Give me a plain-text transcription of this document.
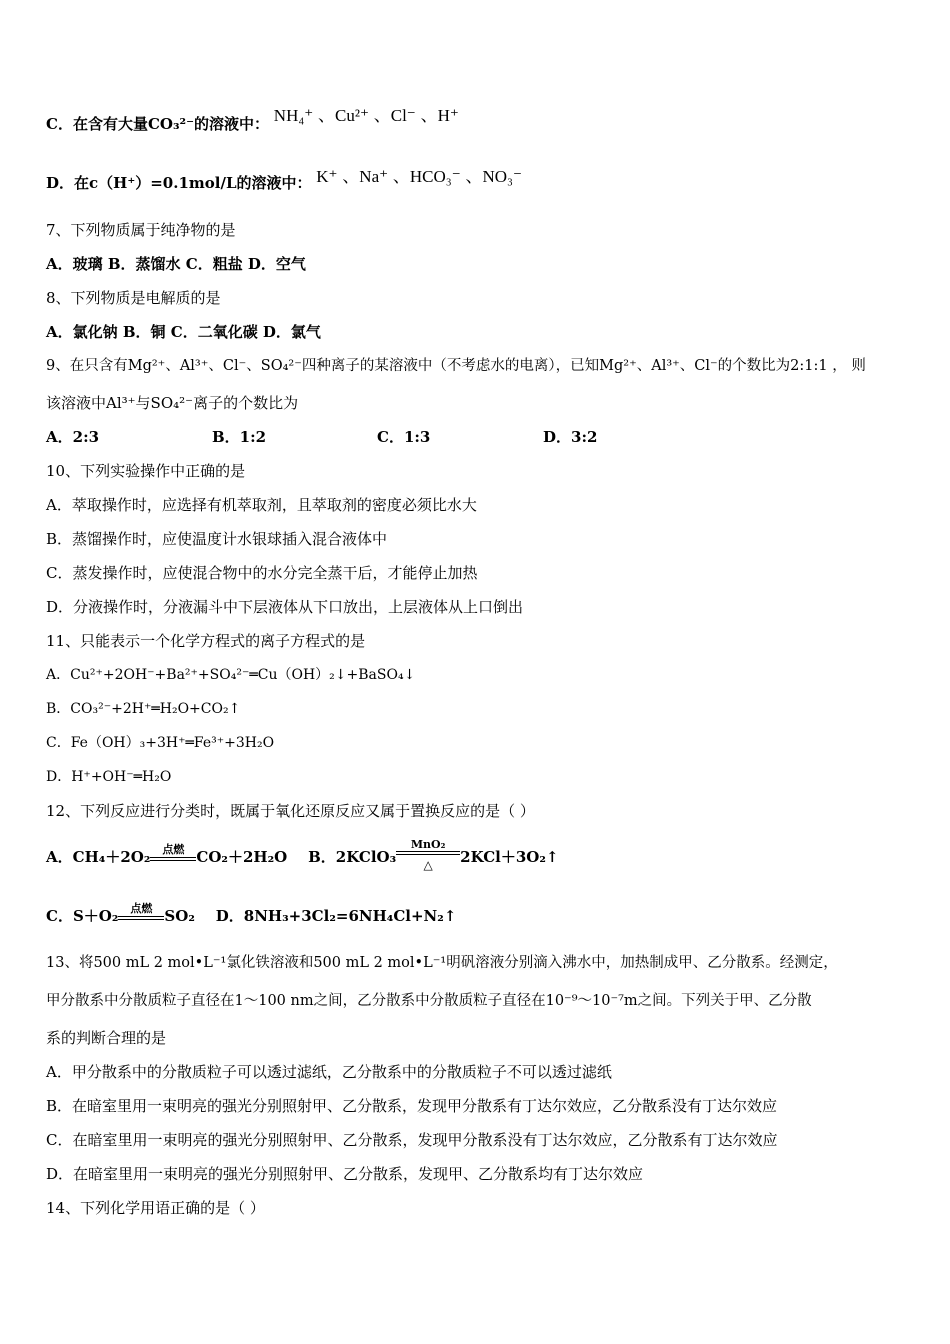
C．在含有大量CO₃²⁻的溶液中： NH₄⁺ 、Cu²⁺ 、Cl⁻ 、H⁺
D．在c（H⁺）=0.1mol/L的溶液中： K⁺ 、Na⁺ 、HCO₃⁻ 、NO₃⁻
7、下列物质属于纯净物的是
A．玻璃 B．蒸馏水 C．粗盐 D．空气
8、下列物质是电解质的是
A．氯化钠 B．铜 C．二氧化碳 D．氯气
9、在只含有Mg²⁺、Al³⁺、Cl⁻、SO₄²⁻四种离子的某溶液中（不考虑水的电离），已知Mg²⁺、Al³⁺、Cl⁻的个数比为2:1:1 ， 则
该溶液中Al³⁺与SO₄²⁻离子的个数比为
A．2:3	B．1:2	C．1:3	D．3:2
10、下列实验操作中正确的是
A．萃取操作时，应选择有机萃取剂，且萃取剂的密度必须比水大
B．蒸馏操作时，应使温度计水银球插入混合液体中
C．蒸发操作时，应使混合物中的水分完全蒸干后，才能停止加热
D．分液操作时，分液漏斗中下层液体从下口放出，上层液体从上口倒出
11、只能表示一个化学方程式的离子方程式的是
A．Cu²⁺+2OH⁻+Ba²⁺+SO₄²⁻═Cu（OH）₂↓+BaSO₄↓
B．CO₃²⁻+2H⁺═H₂O+CO₂↑
C．Fe（OH）₃+3H⁺═Fe³⁺+3H₂O
D．H⁺+OH⁻═H₂O
12、下列反应进行分类时，既属于氧化还原反应又属于置换反应的是（ ）
A．CH₄＋2O₂	点燃 CO₂＋2H₂O B．2KClO₃
MnO₂
△	2KCl＋3O₂↑
C．S＋O₂	点燃 SO₂ D．8NH₃+3Cl₂=6NH₄Cl+N₂↑
13、将500 mL 2 mol•L⁻¹氯化铁溶液和500 mL 2 mol•L⁻¹明矾溶液分别滴入沸水中，加热制成甲、乙分散系。经测定，
甲分散系中分散质粒子直径在1～100 nm之间，乙分散系中分散质粒子直径在10⁻⁹～10⁻⁷m之间。下列关于甲、乙分散
系的判断合理的是
A．甲分散系中的分散质粒子可以透过滤纸，乙分散系中的分散质粒子不可以透过滤纸
B．在暗室里用一束明亮的强光分别照射甲、乙分散系，发现甲分散系有丁达尔效应，乙分散系没有丁达尔效应
C．在暗室里用一束明亮的强光分别照射甲、乙分散系，发现甲分散系没有丁达尔效应，乙分散系有丁达尔效应
D．在暗室里用一束明亮的强光分别照射甲、乙分散系，发现甲、乙分散系均有丁达尔效应
14、下列化学用语正确的是（ ）
